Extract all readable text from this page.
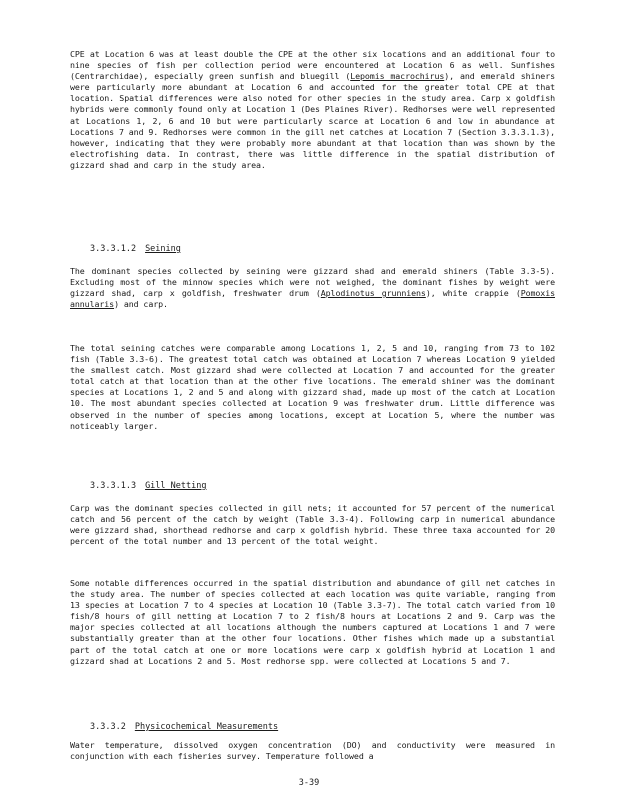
CPE at Location 6 was at least double the CPE at the other six locations and an additional four to nine species of fish per collection period were encountered at Location 6 as well. Sunfishes (Centrarchidae), especially green sunfish and bluegill (Lepomis macrochirus), and emerald shiners were particularly more abundant at Location 6 and accounted for the greater total CPE at that location. Spatial differences were also noted for other species in the study area. Carp x goldfish hybrids were commonly found only at Location 1 (Des Plaines River). Redhorses were well represented at Locations 1, 2, 6 and 10 but were particularly scarce at Location 6 and low in abundance at Locations 7 and 9. Redhorses were common in the gill net catches at Location 7 (Section 3.3.3.1.3), however, indicating that they were probably more abundant at that location than was shown by the electrofishing data. In contrast, there was little difference in the spatial distribution of gizzard shad and carp in the study area.

3.3.3.1.2 Seining

The dominant species collected by seining were gizzard shad and emerald shiners (Table 3.3-5). Excluding most of the minnow species which were not weighed, the dominant fishes by weight were gizzard shad, carp x goldfish, freshwater drum (Aplodinotus grunniens), white crappie (Pomoxis annularis) and carp.

The total seining catches were comparable among Locations 1, 2, 5 and 10, ranging from 73 to 102 fish (Table 3.3-6). The greatest total catch was obtained at Location 7 whereas Location 9 yielded the smallest catch. Most gizzard shad were collected at Location 7 and accounted for the greater total catch at that location than at the other five locations. The emerald shiner was the dominant species at Locations 1, 2 and 5 and along with gizzard shad, made up most of the catch at Location 10. The most abundant species collected at Location 9 was freshwater drum. Little difference was observed in the number of species among locations, except at Location 5, where the number was noticeably larger.

3.3.3.1.3 Gill Netting

Carp was the dominant species collected in gill nets; it accounted for 57 percent of the numerical catch and 56 percent of the catch by weight (Table 3.3-4). Following carp in numerical abundance were gizzard shad, shorthead redhorse and carp x goldfish hybrid. These three taxa accounted for 20 percent of the total number and 13 percent of the total weight.

Some notable differences occurred in the spatial distribution and abundance of gill net catches in the study area. The number of species collected at each location was quite variable, ranging from 13 species at Location 7 to 4 species at Location 10 (Table 3.3-7). The total catch varied from 10 fish/8 hours of gill netting at Location 7 to 2 fish/8 hours at Locations 2 and 9. Carp was the major species collected at all locations although the numbers captured at Locations 1 and 7 were substantially greater than at the other four locations. Other fishes which made up a substantial part of the total catch at one or more locations were carp x goldfish hybrid at Location 1 and gizzard shad at Locations 2 and 5. Most redhorse spp. were collected at Locations 5 and 7.

3.3.3.2 Physicochemical Measurements

Water temperature, dissolved oxygen concentration (DO) and conductivity were measured in conjunction with each fisheries survey. Temperature followed a

3-39
